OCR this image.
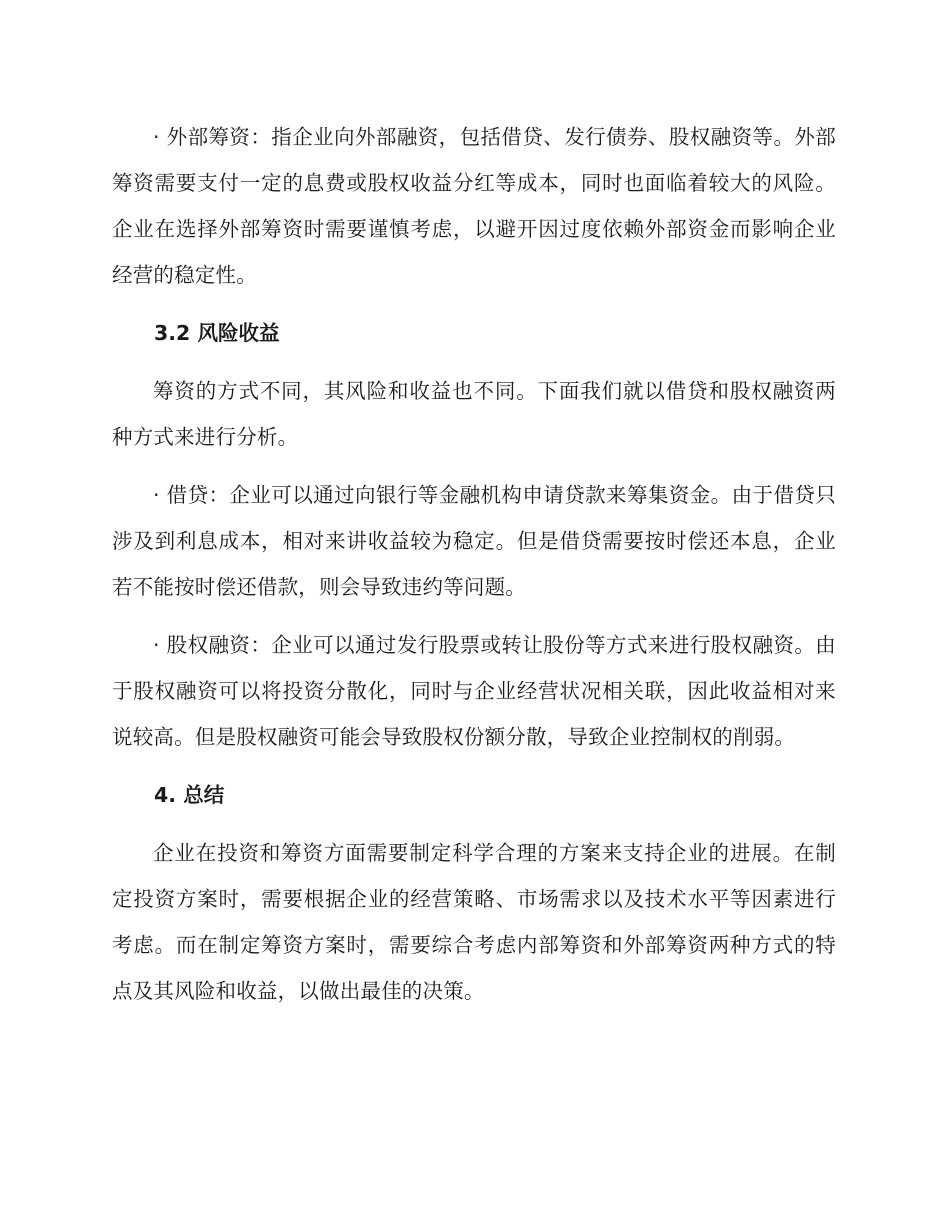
· 外部筹资：指企业向外部融资，包括借贷、发行债券、股权融资等。外部筹资需要支付一定的息费或股权收益分红等成本，同时也面临着较大的风险。企业在选择外部筹资时需要谨慎考虑，以避开因过度依赖外部资金而影响企业经营的稳定性。

3.2 风险收益

筹资的方式不同，其风险和收益也不同。下面我们就以借贷和股权融资两种方式来进行分析。

· 借贷：企业可以通过向银行等金融机构申请贷款来筹集资金。由于借贷只涉及到利息成本，相对来讲收益较为稳定。但是借贷需要按时偿还本息，企业若不能按时偿还借款，则会导致违约等问题。

· 股权融资：企业可以通过发行股票或转让股份等方式来进行股权融资。由于股权融资可以将投资分散化，同时与企业经营状况相关联，因此收益相对来说较高。但是股权融资可能会导致股权份额分散，导致企业控制权的削弱。

4. 总结

企业在投资和筹资方面需要制定科学合理的方案来支持企业的进展。在制定投资方案时，需要根据企业的经营策略、市场需求以及技术水平等因素进行考虑。而在制定筹资方案时，需要综合考虑内部筹资和外部筹资两种方式的特点及其风险和收益，以做出最佳的决策。
